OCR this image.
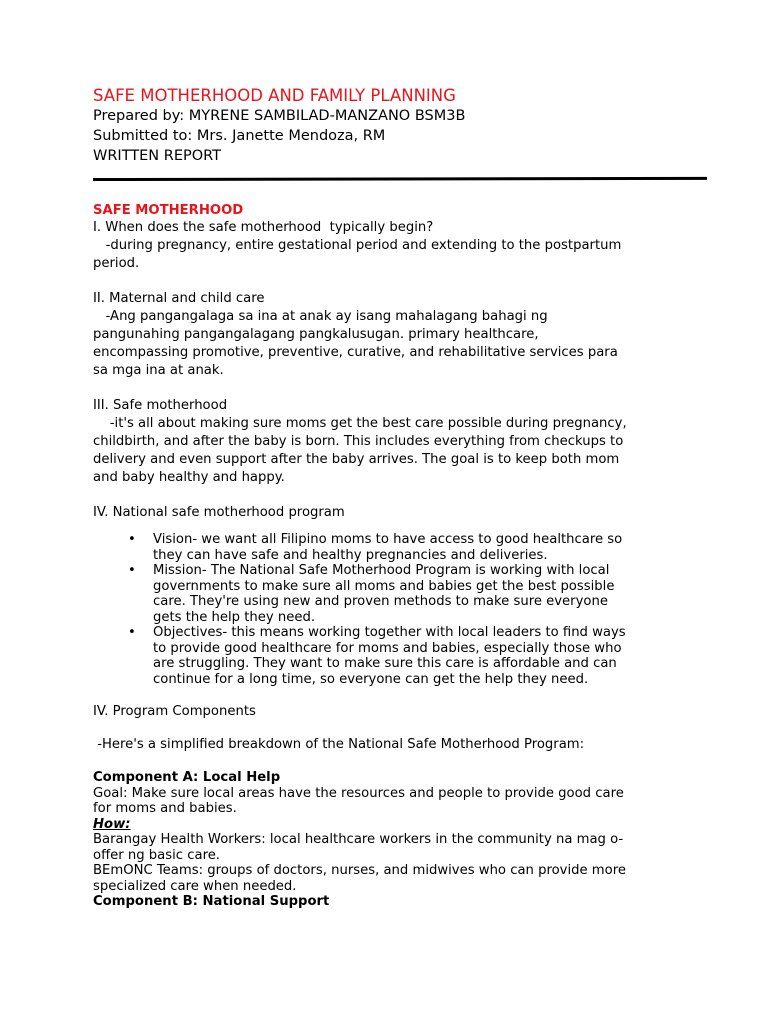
SAFE MOTHERHOOD AND FAMILY PLANNING

Prepared by: MYRENE SAMBILAD-MANZANO BSM3B

Submitted to: Mrs. Janette Mendoza, RM

WRITTEN REPORT

SAFE MOTHERHOOD

I. When does the safe motherhood  typically begin?

-during pregnancy, entire gestational period and extending to the postpartum

period.

II. Maternal and child care

-Ang pangangalaga sa ina at anak ay isang mahalagang bahagi ng

pangunahing pangangalagang pangkalusugan. primary healthcare,

encompassing promotive, preventive, curative, and rehabilitative services para

sa mga ina at anak.

III. Safe motherhood

-it's all about making sure moms get the best care possible during pregnancy,

childbirth, and after the baby is born. This includes everything from checkups to

delivery and even support after the baby arrives. The goal is to keep both mom

and baby healthy and happy.

IV. National safe motherhood program

• Vision- we want all Filipino moms to have access to good healthcare so
they can have safe and healthy pregnancies and deliveries.
• Mission- The National Safe Motherhood Program is working with local
governments to make sure all moms and babies get the best possible
care. They're using new and proven methods to make sure everyone
gets the help they need.
• Objectives- this means working together with local leaders to find ways
to provide good healthcare for moms and babies, especially those who
are struggling. They want to make sure this care is affordable and can
continue for a long time, so everyone can get the help they need.

IV. Program Components

-Here's a simplified breakdown of the National Safe Motherhood Program:

Component A: Local Help

Goal: Make sure local areas have the resources and people to provide good care

for moms and babies.

How:

Barangay Health Workers: local healthcare workers in the community na mag o-

offer ng basic care.

BEmONC Teams: groups of doctors, nurses, and midwives who can provide more

specialized care when needed.

Component B: National Support
